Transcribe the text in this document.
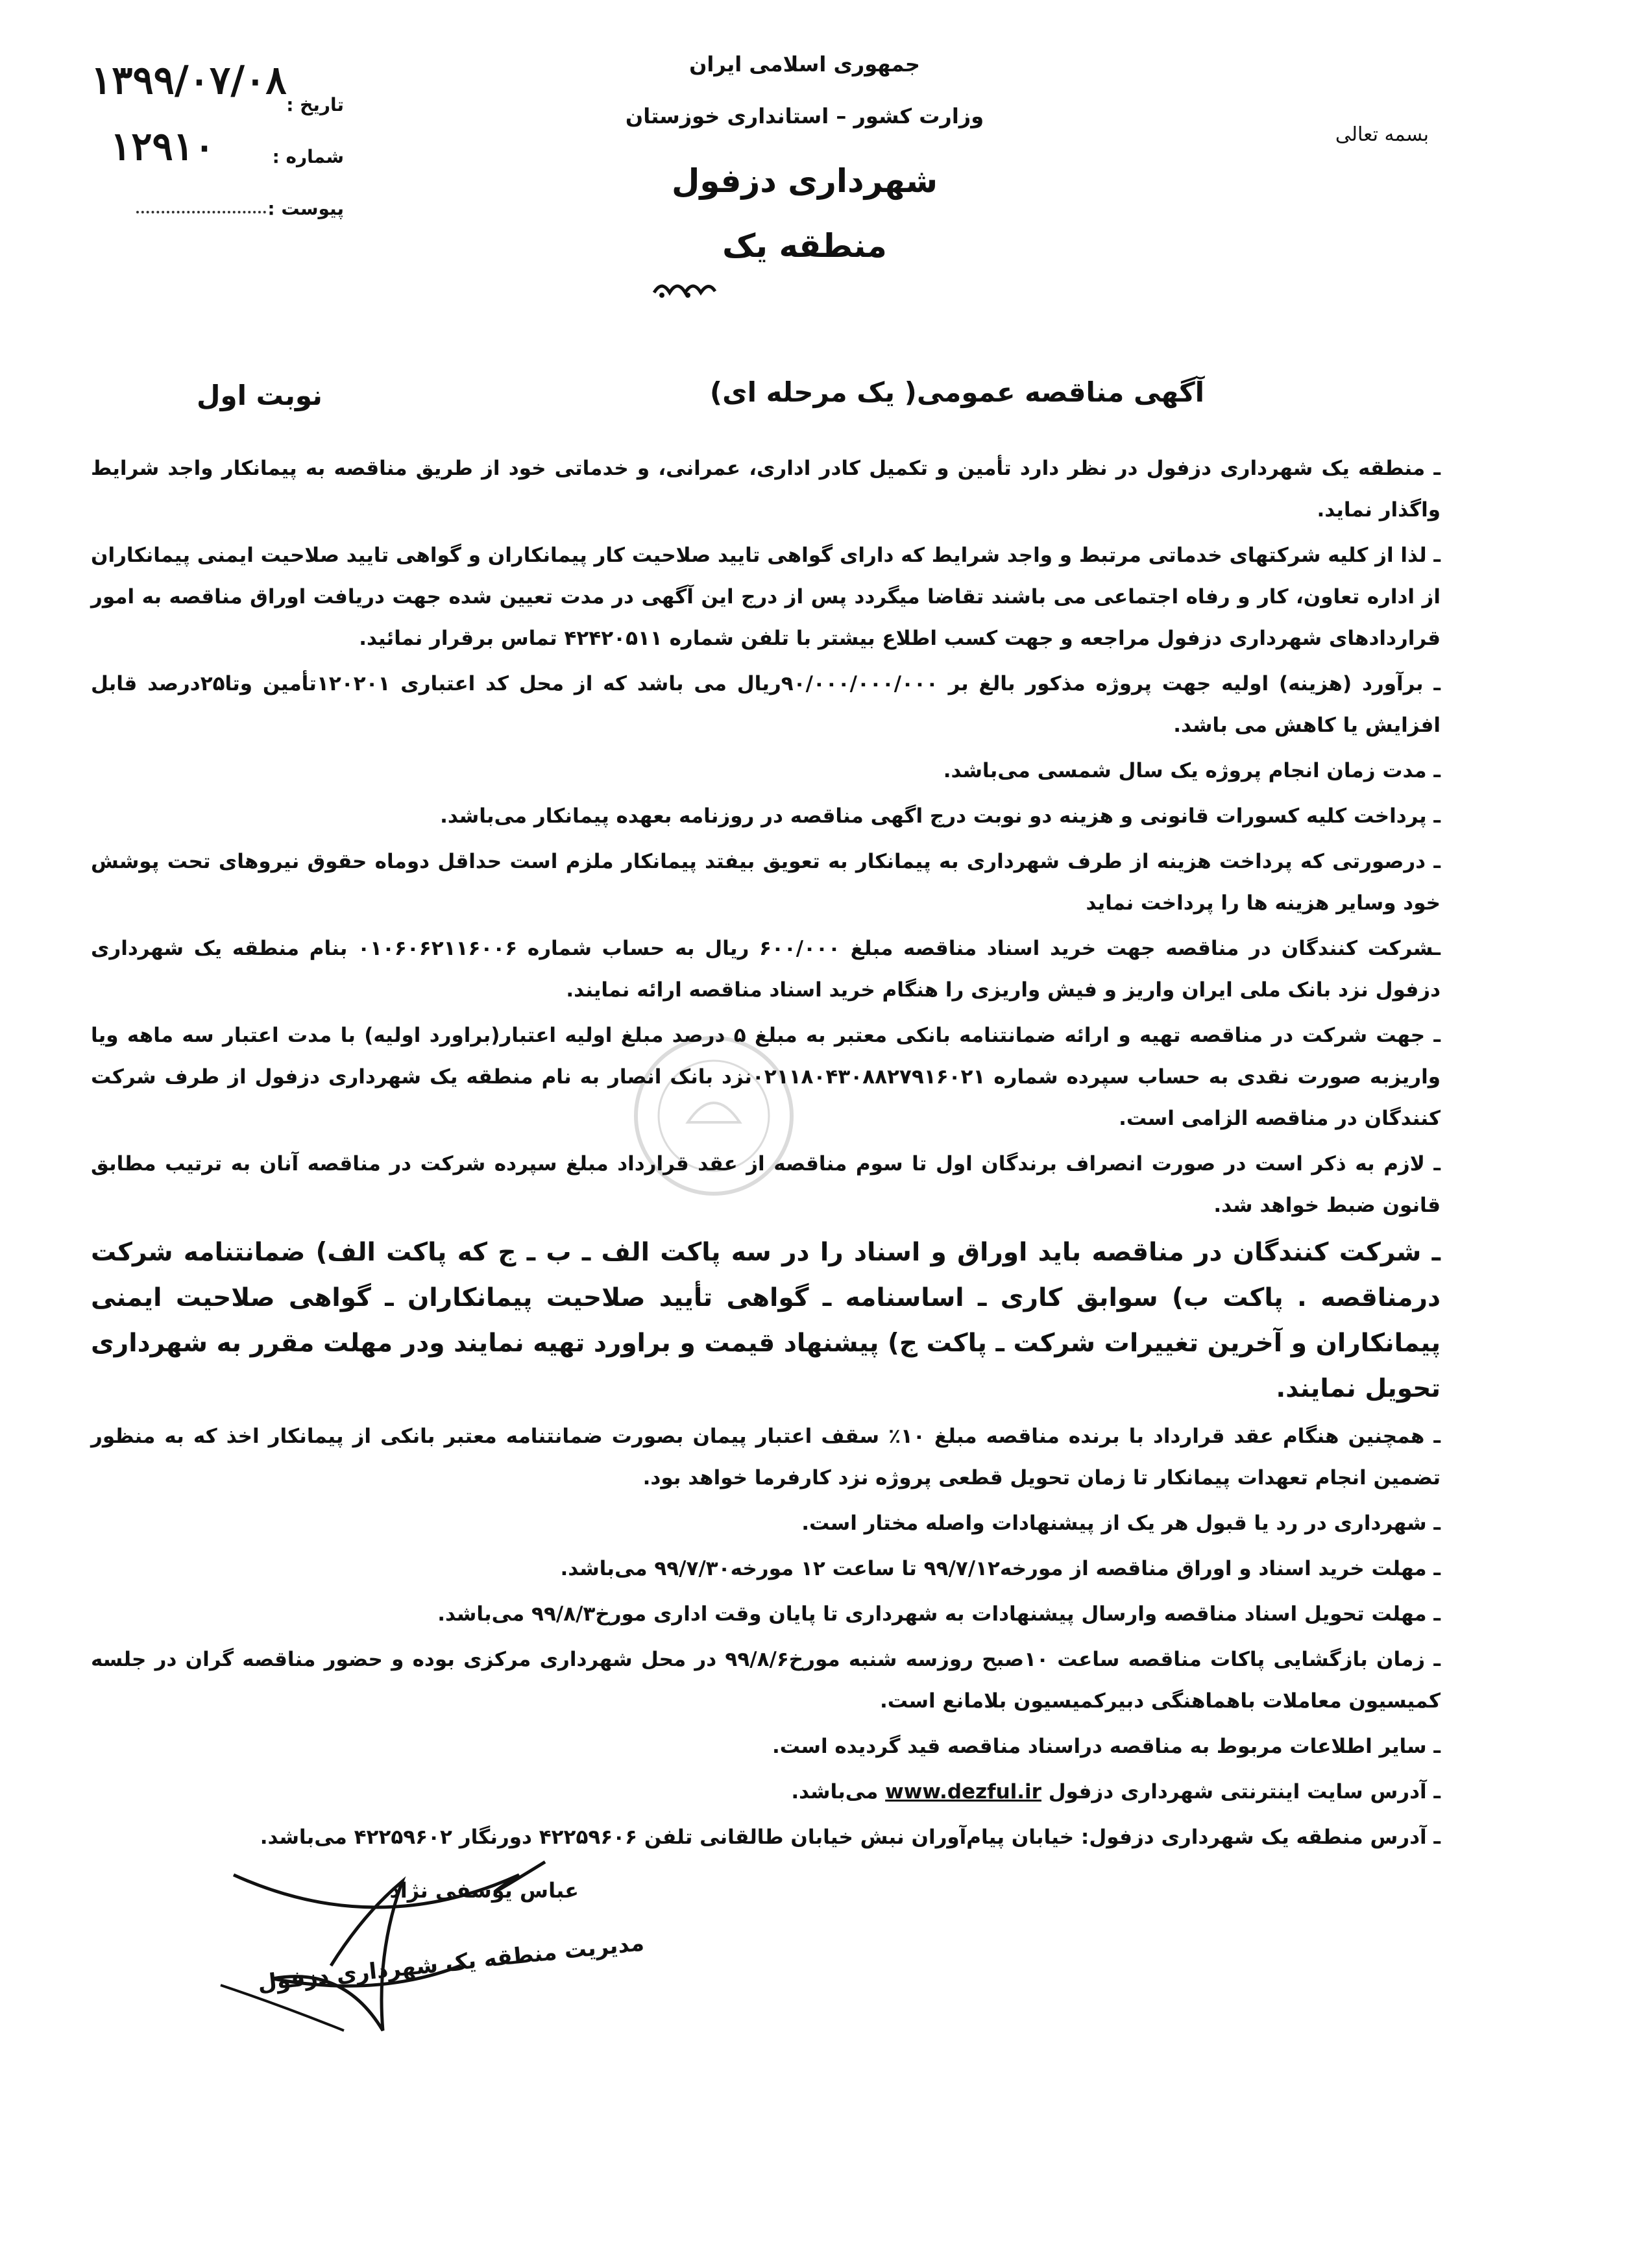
جمهوری اسلامی ایران
وزارت کشور – استانداری خوزستان
شهرداری دزفول
منطقه یک
بسمه تعالی
تاریخ :
۱۳۹۹/۰۷/۰۸
شماره :
۱۲۹۱۰
پیوست :
آگهی مناقصه عمومی( یک مرحله ای)
نوبت اول

ـ منطقه یک شهرداری دزفول در نظر دارد تأمین و تکمیل کادر اداری، عمرانی، و خدماتی خود از طریق مناقصه به پیمانکار واجد شرایط واگذار نماید.

ـ لذا از کلیه شرکتهای خدماتی مرتبط و واجد شرایط که دارای گواهی تایید صلاحیت کار پیمانکاران و گواهی تایید صلاحیت ایمنی پیمانکاران از اداره تعاون، کار و رفاه اجتماعی می باشند تقاضا میگردد پس از درج این آگهی در مدت تعیین شده جهت دریافت اوراق مناقصه به امور قراردادهای شهرداری دزفول مراجعه و جهت کسب اطلاع بیشتر با تلفن شماره ۴۲۴۲۰۵۱۱ تماس برقرار نمائید.

ـ برآورد (هزینه) اولیه جهت پروژه مذکور بالغ بر ۹۰/۰۰۰/۰۰۰/۰۰۰ریال می باشد که از محل کد اعتباری ۱۲۰۲۰۱تأمین وتا۲۵درصد قابل افزایش یا کاهش می باشد.

ـ مدت زمان انجام پروژه یک سال شمسی می‌باشد.

ـ پرداخت کلیه کسورات قانونی و هزینه دو نوبت درج اگهی مناقصه در روزنامه بعهده پیمانکار می‌باشد.

ـ درصورتی که پرداخت هزینه از طرف شهرداری به پیمانکار به تعویق بیفتد پیمانکار ملزم است حداقل دوماه حقوق نیروهای تحت پوشش خود وسایر هزینه ها را پرداخت نماید

ـشرکت کنندگان در مناقصه جهت خرید اسناد مناقصه مبلغ ۶۰۰/۰۰۰ ریال به حساب شماره ۰۱۰۶۰۶۲۱۱۶۰۰۶ بنام منطقه یک شهرداری دزفول نزد بانک ملی ایران واریز و فیش واریزی را هنگام خرید اسناد مناقصه ارائه نمایند.

ـ جهت شرکت در مناقصه تهیه و ارائه ضمانتنامه بانکی معتبر به مبلغ ۵ درصد مبلغ اولیه اعتبار(براورد اولیه) با مدت اعتبار سه ماهه ویا واریزبه صورت نقدی به حساب سپرده شماره ۰۲۱۱۸۰۴۳۰۸۸۲۷۹۱۶۰۲۱نزد بانک انصار به نام منطقه یک شهرداری دزفول از طرف شرکت کنندگان در مناقصه الزامی است.

ـ لازم به ذکر است در صورت انصراف برندگان اول تا سوم مناقصه از عقد قرارداد مبلغ سپرده شرکت در مناقصه آنان به ترتیب مطابق قانون ضبط خواهد شد.

ـ شرکت کنندگان در مناقصه باید اوراق و اسناد را در سه پاکت الف ـ ب ـ ج که پاکت الف) ضمانتنامه شرکت درمناقصه . پاکت ب) سوابق کاری ـ اساسنامه ـ گواهی تأیید صلاحیت پیمانکاران ـ گواهی صلاحیت ایمنی پیمانکاران و آخرین تغییرات شرکت ـ پاکت ج) پیشنهاد قیمت و براورد تهیه نمایند ودر مهلت مقرر به شهرداری تحویل نمایند.

ـ همچنین هنگام عقد قرارداد با برنده مناقصه مبلغ ۱۰٪ سقف اعتبار پیمان بصورت ضمانتنامه معتبر بانکی از پیمانکار اخذ که به منظور تضمین انجام تعهدات پیمانکار تا زمان تحویل قطعی پروژه نزد کارفرما خواهد بود.

ـ شهرداری در رد یا قبول هر یک از پیشنهادات واصله مختار است.

ـ مهلت خرید اسناد و اوراق مناقصه از مورخه۹۹/۷/۱۲ تا ساعت ۱۲ مورخه۹۹/۷/۳۰ می‌باشد.

ـ مهلت تحویل اسناد مناقصه وارسال پیشنهادات به شهرداری تا پایان وقت اداری مورخ۹۹/۸/۳ می‌باشد.

ـ زمان بازگشایی پاکات مناقصه ساعت ۱۰صبح روزسه شنبه مورخ۹۹/۸/۶ در محل شهرداری مرکزی بوده و حضور مناقصه گران در جلسه کمیسیون معاملات باهماهنگی دبیرکمیسیون بلامانع است.

ـ سایر اطلاعات مربوط به مناقصه دراسناد مناقصه قید گردیده است.

ـ آدرس سایت اینترنتی شهرداری دزفول www.dezful.ir می‌باشد.

ـ آدرس منطقه یک شهرداری دزفول: خیابان پیام‌آوران نبش خیابان طالقانی تلفن ۴۲۲۵۹۶۰۶ دورنگار ۴۲۲۵۹۶۰۲ می‌باشد.

عباس یوسفی نژاد
مدیریت منطقه یک شهرداری دزفول
